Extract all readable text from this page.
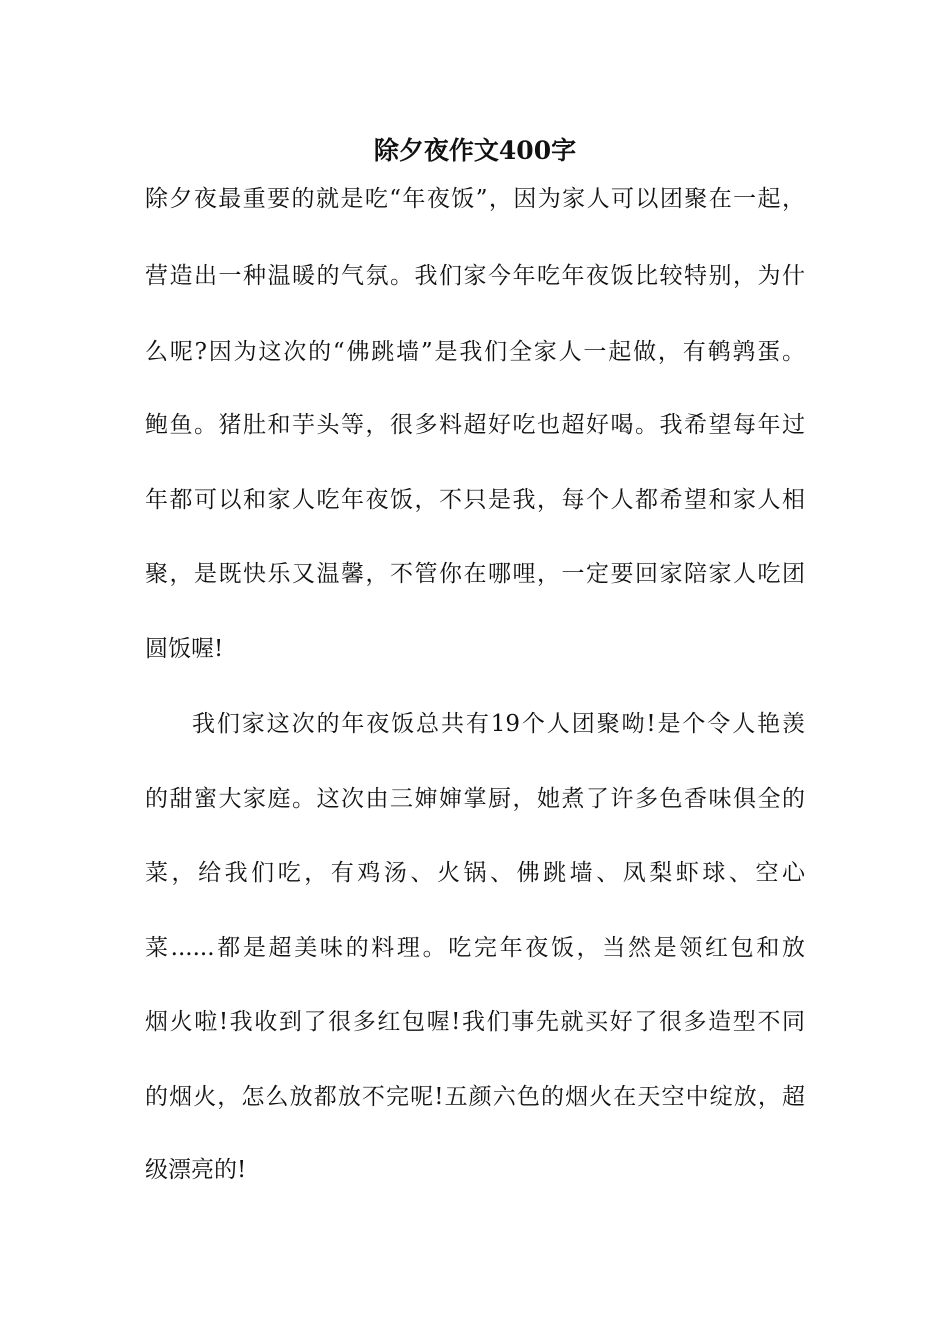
除夕夜作文400字
除夕夜最重要的就是吃“年夜饭”，因为家人可以团聚在一起，
营造出一种温暖的气氛。我们家今年吃年夜饭比较特别，为什
么呢?因为这次的“佛跳墙”是我们全家人一起做，有鹌鹑蛋。
鲍鱼。猪肚和芋头等，很多料超好吃也超好喝。我希望每年过
年都可以和家人吃年夜饭，不只是我，每个人都希望和家人相
聚，是既快乐又温馨，不管你在哪哩，一定要回家陪家人吃团
圆饭喔!
我们家这次的年夜饭总共有19个人团聚呦!是个令人艳羡
的甜蜜大家庭。这次由三婶婶掌厨，她煮了许多色香味俱全的
菜，给我们吃，有鸡汤、火锅、佛跳墙、凤梨虾球、空心
菜......都是超美味的料理。吃完年夜饭，当然是领红包和放
烟火啦!我收到了很多红包喔!我们事先就买好了很多造型不同
的烟火，怎么放都放不完呢!五颜六色的烟火在天空中绽放，超
级漂亮的!
